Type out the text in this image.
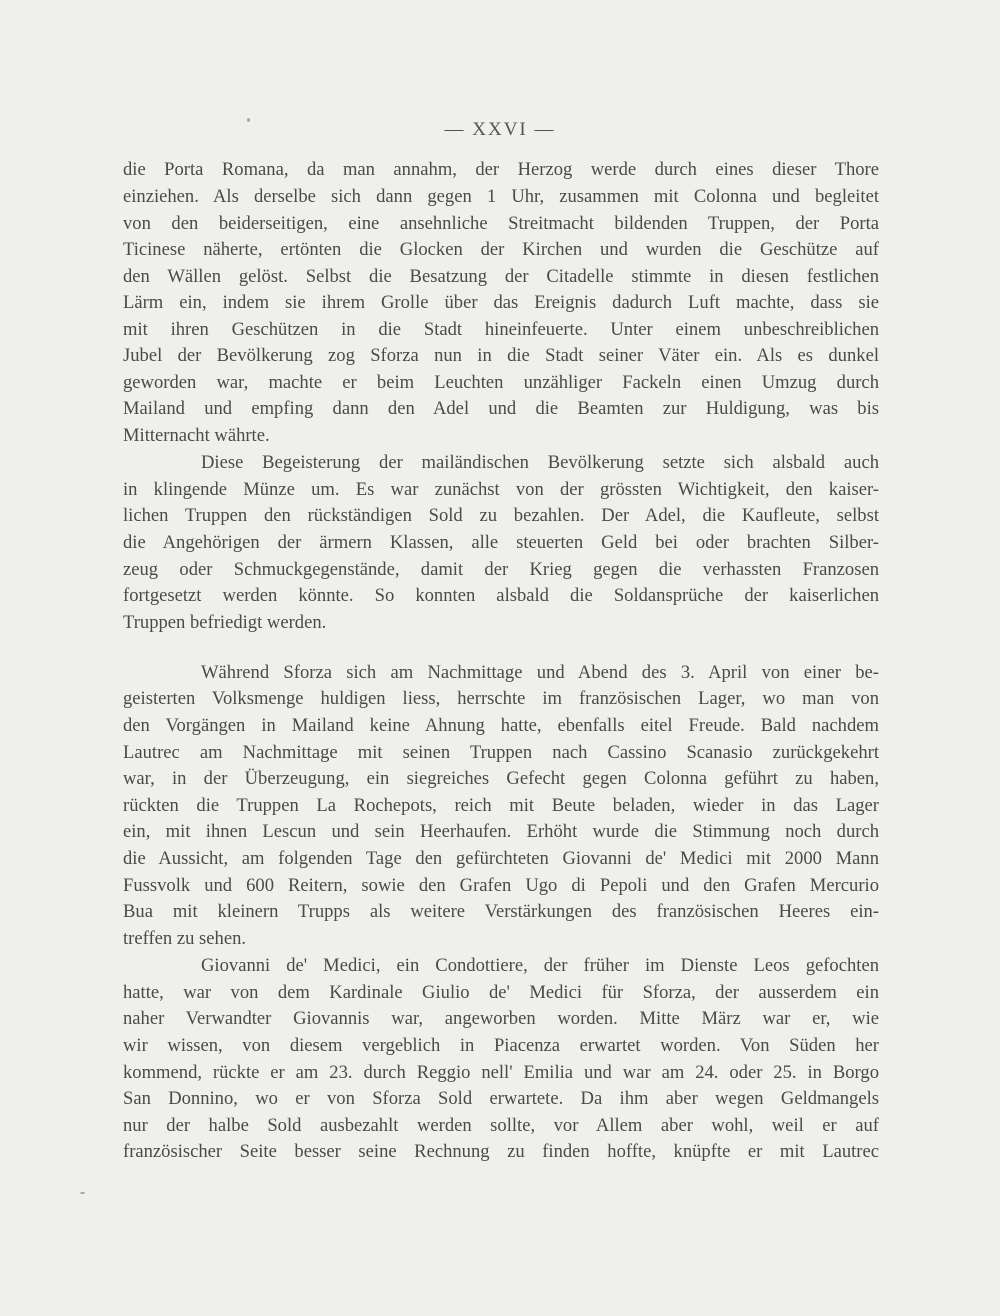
— XXVI —
die Porta Romana, da man annahm, der Herzog werde durch eines dieser Thore
einziehen. Als derselbe sich dann gegen 1 Uhr, zusammen mit Colonna und begleitet
von den beiderseitigen, eine ansehnliche Streitmacht bildenden Truppen, der Porta
Ticinese näherte, ertönten die Glocken der Kirchen und wurden die Geschütze auf
den Wällen gelöst. Selbst die Besatzung der Citadelle stimmte in diesen festlichen
Lärm ein, indem sie ihrem Grolle über das Ereignis dadurch Luft machte, dass sie
mit ihren Geschützen in die Stadt hineinfeuerte. Unter einem unbeschreiblichen
Jubel der Bevölkerung zog Sforza nun in die Stadt seiner Väter ein. Als es dunkel
geworden war, machte er beim Leuchten unzähliger Fackeln einen Umzug durch
Mailand und empfing dann den Adel und die Beamten zur Huldigung, was bis
Mitternacht währte.
Diese Begeisterung der mailändischen Bevölkerung setzte sich alsbald auch
in klingende Münze um. Es war zunächst von der grössten Wichtigkeit, den kaiser-
lichen Truppen den rückständigen Sold zu bezahlen. Der Adel, die Kaufleute, selbst
die Angehörigen der ärmern Klassen, alle steuerten Geld bei oder brachten Silber-
zeug oder Schmuckgegenstände, damit der Krieg gegen die verhassten Franzosen
fortgesetzt werden könnte. So konnten alsbald die Soldansprüche der kaiserlichen
Truppen befriedigt werden.
Während Sforza sich am Nachmittage und Abend des 3. April von einer be-
geisterten Volksmenge huldigen liess, herrschte im französischen Lager, wo man von
den Vorgängen in Mailand keine Ahnung hatte, ebenfalls eitel Freude. Bald nachdem
Lautrec am Nachmittage mit seinen Truppen nach Cassino Scanasio zurückgekehrt
war, in der Überzeugung, ein siegreiches Gefecht gegen Colonna geführt zu haben,
rückten die Truppen La Rochepots, reich mit Beute beladen, wieder in das Lager
ein, mit ihnen Lescun und sein Heerhaufen. Erhöht wurde die Stimmung noch durch
die Aussicht, am folgenden Tage den gefürchteten Giovanni de' Medici mit 2000 Mann
Fussvolk und 600 Reitern, sowie den Grafen Ugo di Pepoli und den Grafen Mercurio
Bua mit kleinern Trupps als weitere Verstärkungen des französischen Heeres ein-
treffen zu sehen.
Giovanni de' Medici, ein Condottiere, der früher im Dienste Leos gefochten
hatte, war von dem Kardinale Giulio de' Medici für Sforza, der ausserdem ein
naher Verwandter Giovannis war, angeworben worden. Mitte März war er, wie
wir wissen, von diesem vergeblich in Piacenza erwartet worden. Von Süden her
kommend, rückte er am 23. durch Reggio nell' Emilia und war am 24. oder 25. in Borgo
San Donnino, wo er von Sforza Sold erwartete. Da ihm aber wegen Geldmangels
nur der halbe Sold ausbezahlt werden sollte, vor Allem aber wohl, weil er auf
französischer Seite besser seine Rechnung zu finden hoffte, knüpfte er mit Lautrec
